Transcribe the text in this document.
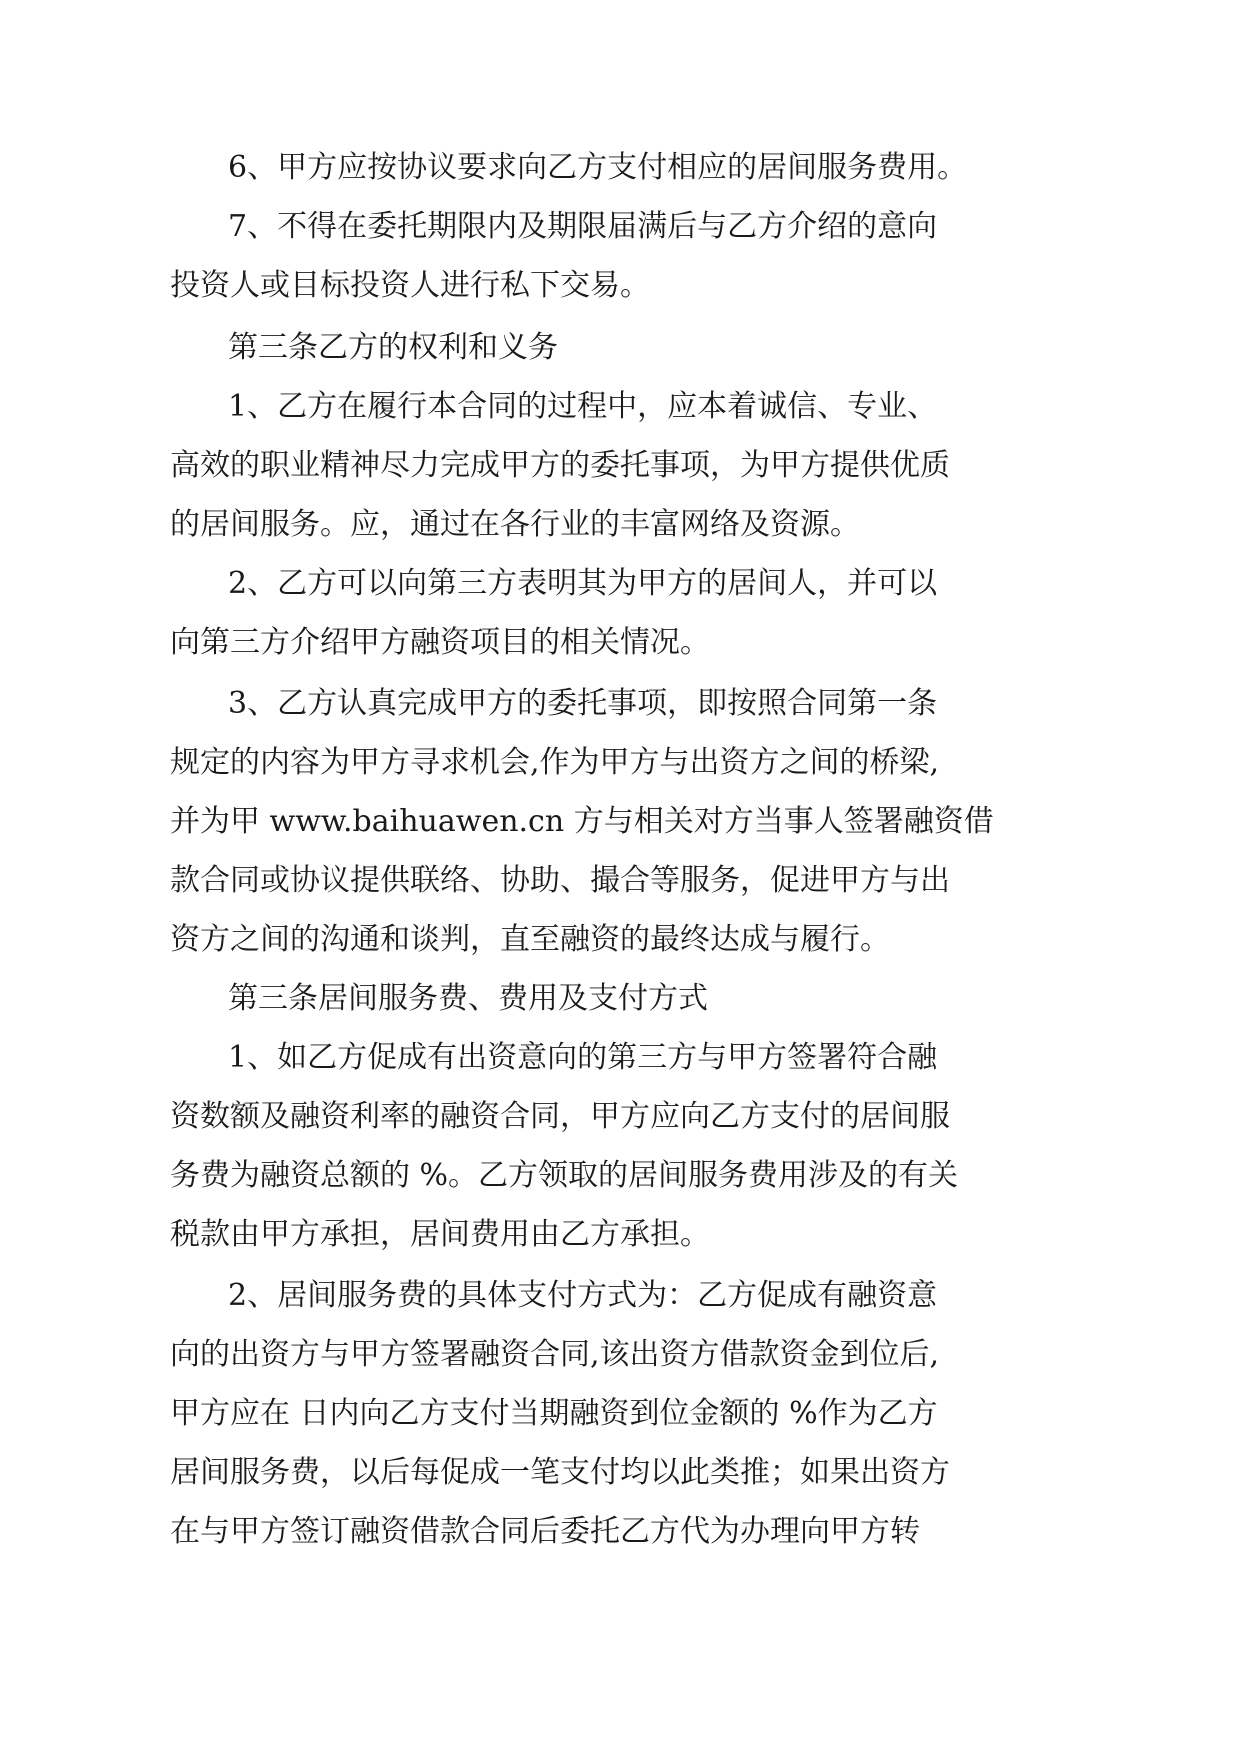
6、甲方应按协议要求向乙方支付相应的居间服务费用。
7、不得在委托期限内及期限届满后与乙方介绍的意向
投资人或目标投资人进行私下交易。
第三条乙方的权利和义务
1、乙方在履行本合同的过程中，应本着诚信、专业、
高效的职业精神尽力完成甲方的委托事项，为甲方提供优质
的居间服务。应，通过在各行业的丰富网络及资源。
2、乙方可以向第三方表明其为甲方的居间人，并可以
向第三方介绍甲方融资项目的相关情况。
3、乙方认真完成甲方的委托事项，即按照合同第一条
规定的内容为甲方寻求机会,作为甲方与出资方之间的桥梁,
并为甲 www.baihuawen.cn 方与相关对方当事人签署融资借
款合同或协议提供联络、协助、撮合等服务，促进甲方与出
资方之间的沟通和谈判，直至融资的最终达成与履行。
第三条居间服务费、费用及支付方式
1、如乙方促成有出资意向的第三方与甲方签署符合融
资数额及融资利率的融资合同，甲方应向乙方支付的居间服
务费为融资总额的 %。乙方领取的居间服务费用涉及的有关
税款由甲方承担，居间费用由乙方承担。
2、居间服务费的具体支付方式为：乙方促成有融资意
向的出资方与甲方签署融资合同,该出资方借款资金到位后,
甲方应在 日内向乙方支付当期融资到位金额的 %作为乙方
居间服务费，以后每促成一笔支付均以此类推；如果出资方
在与甲方签订融资借款合同后委托乙方代为办理向甲方转
